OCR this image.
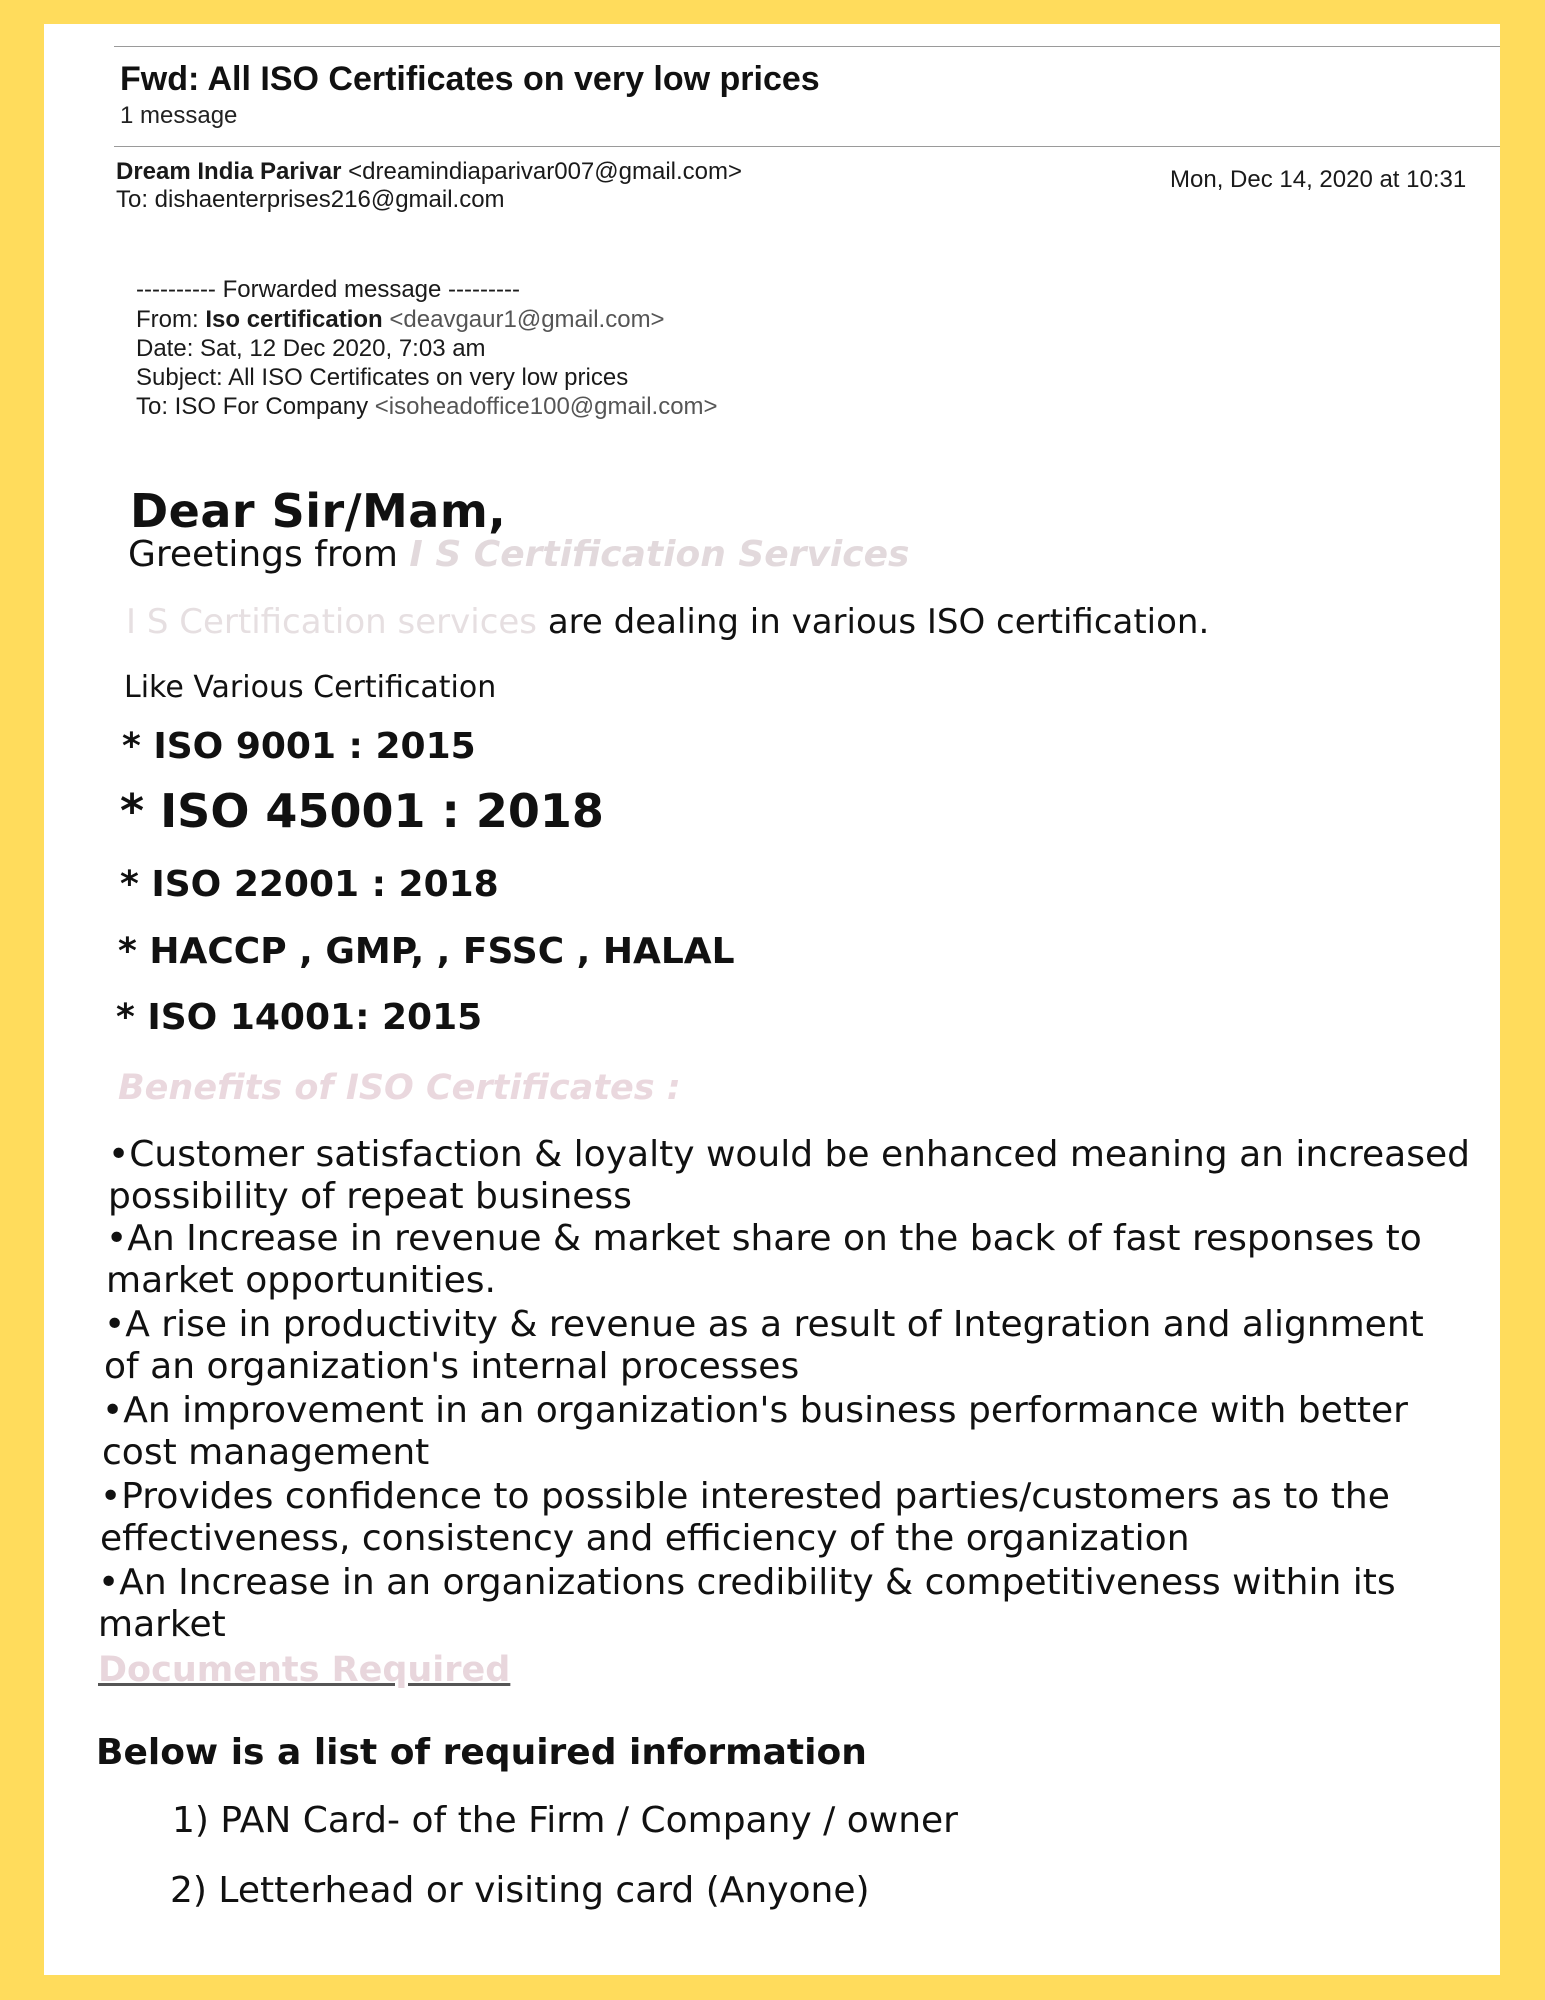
Fwd: All ISO Certificates on very low prices
1 message
Dream India Parivar <dreamindiaparivar007@gmail.com>
To: dishaenterprises216@gmail.com
Mon, Dec 14, 2020 at 10:31
---------- Forwarded message ---------
From: Iso certification <deavgaur1@gmail.com>
Date: Sat, 12 Dec 2020, 7:03 am
Subject: All ISO Certificates on very low prices
To: ISO For Company <isoheadoffice100@gmail.com>
Dear Sir/Mam,
Greetings from I S Certification Services
I S Certification services are dealing in various ISO certification.
Like Various Certification
* ISO 9001 : 2015
* ISO 45001 : 2018
* ISO 22001 : 2018
* HACCP , GMP, , FSSC , HALAL
* ISO 14001: 2015
Benefits of ISO Certificates :
•Customer satisfaction & loyalty would be enhanced meaning an increased
possibility of repeat business
•An Increase in revenue & market share on the back of fast responses to
market opportunities.
•A rise in productivity & revenue as a result of Integration and alignment
of an organization's internal processes
•An improvement in an organization's business performance with better
cost management
•Provides confidence to possible interested parties/customers as to the
effectiveness, consistency and efficiency of the organization
•An Increase in an organizations credibility & competitiveness within its
market
Documents Required
Below is a list of required information
1) PAN Card- of the Firm / Company / owner
2) Letterhead or visiting card (Anyone)
